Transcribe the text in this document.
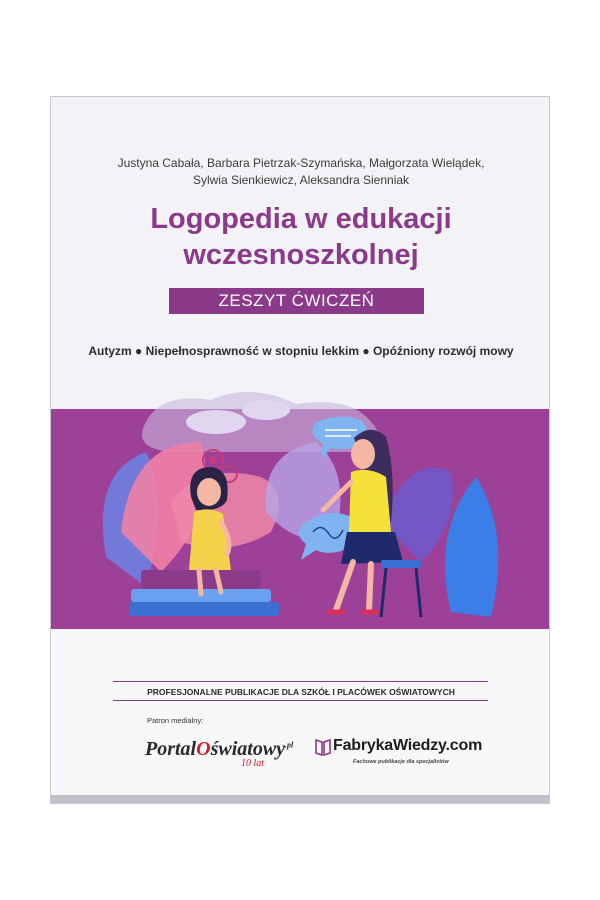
Justyna Cabała, Barbara Pietrzak-Szymańska, Małgorzata Wielądek,
Sylwia Sienkiewicz, Aleksandra Sienniak
Logopedia w edukacji
wczesnoszkolnej
ZESZYT ĆWICZEŃ
Autyzm ● Niepełnosprawność w stopniu lekkim ● Opóźniony rozwój mowy
PROFESJONALNE PUBLIKACJE DLA SZKÓŁ I PLACÓWEK OŚWIATOWYCH
Patron medialny:
PortalOświatowy$^{.pl}$
10 lat
FabrykaWiedzy.com
Fachowe publikacje dla specjalistów
